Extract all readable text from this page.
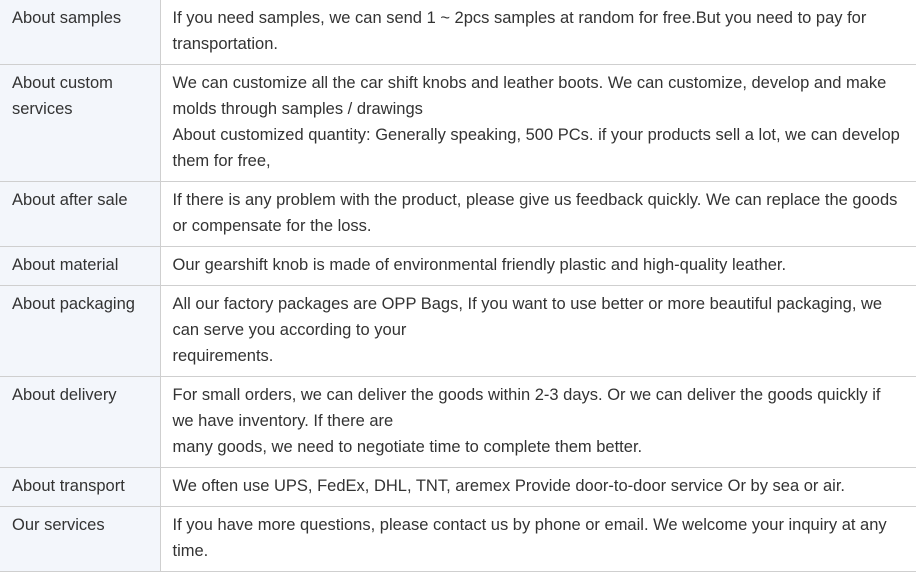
About samples	If you need samples, we can send 1 ~ 2pcs samples at random for free.But you need to pay for transportation.

About custom services	We can customize all the car shift knobs and leather boots. We can customize, develop and make molds through samples / drawings
About customized quantity: Generally speaking, 500 PCs. if your products sell a lot, we can develop them for free,

About after sale	If there is any problem with the product, please give us feedback quickly. We can replace the goods or compensate for the loss.

About material	Our gearshift knob is made of environmental friendly plastic and high-quality leather.

About packaging	All our factory packages are OPP Bags, If you want to use better or more beautiful packaging, we can serve you according to your
requirements.

About delivery	For small orders, we can deliver the goods within 2-3 days. Or we can deliver the goods quickly if we have inventory. If there are
many goods, we need to negotiate time to complete them better.

About transport	We often use UPS, FedEx, DHL, TNT, aremex Provide door-to-door service Or by sea or air.

Our services	If you have more questions, please contact us by phone or email. We welcome your inquiry at any time.
